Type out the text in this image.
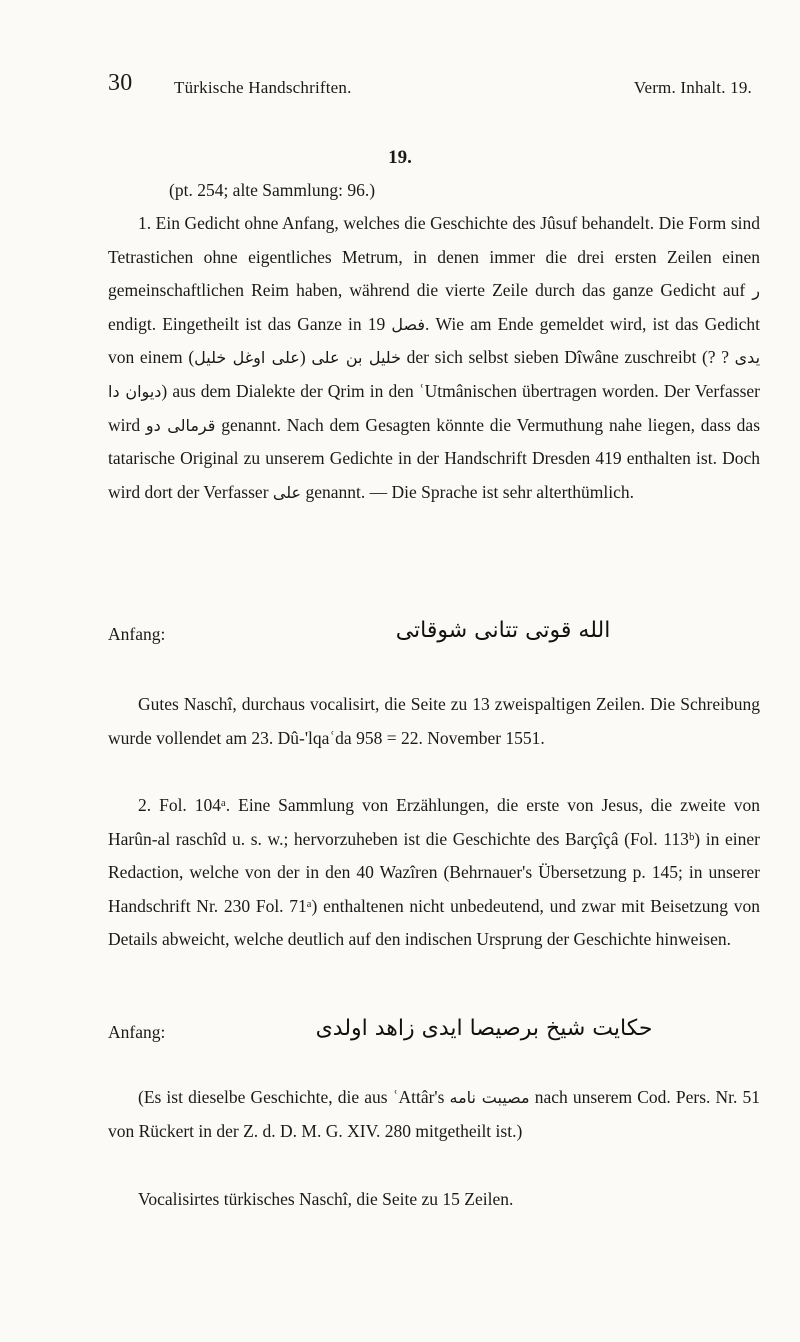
30 Türkische Handschriften.	Verm. Inhalt. 19.
19.
(pt. 254; alte Sammlung: 96.)
1. Ein Gedicht ohne Anfang, welches die Geschichte des Jûsuf behandelt. Die Form sind Tetrastichen ohne eigentliches Metrum, in denen immer die drei ersten Zeilen einen gemeinschaftlichen Reim haben, während die vierte Zeile durch das ganze Gedicht auf ر endigt. Eingetheilt ist das Ganze in 19 فصل. Wie am Ende gemeldet wird, ist das Gedicht von einem	خلیل بن علی (علی اوغل خلیل) der sich selbst sieben Dîwâne zuschreibt (? ? یدی دیوان دا) aus dem Dialekte der Qrim in den ʿUtmânischen übertragen worden. Der Verfasser wird قرمالی دو genannt. Nach dem Gesagten könnte die Vermuthung nahe liegen, dass das tatarische Original zu unserem Gedichte in der Handschrift Dresden 419 enthalten ist. Doch wird dort der Verfasser علی genannt. — Die Sprache ist sehr alterthümlich.
Anfang:	الله قوتی تتانی شوقاتی
Gutes Naschî, durchaus vocalisirt, die Seite zu 13 zweispaltigen Zeilen. Die Schreibung wurde vollendet am 23. Dû-'lqaʿda 958 = 22. November 1551.
2. Fol. 104ᵃ. Eine Sammlung von Erzählungen, die erste von Jesus, die zweite von Harûn-al raschîd u. s. w.; hervorzuheben ist die Geschichte des Barçîçâ (Fol. 113ᵇ) in einer Redaction, welche von der in den 40 Wazîren (Behrnauer's Übersetzung p. 145; in unserer Handschrift Nr. 230 Fol. 71ᵃ) enthaltenen nicht unbedeutend, und zwar mit Beisetzung von Details abweicht, welche deutlich auf den indischen Ursprung der Geschichte hinweisen.
Anfang:	حکایت شیخ برصیصا ایدی زاهد اولدی
(Es ist dieselbe Geschichte, die aus ʿAttâr's مصیبت نامه nach unserem Cod. Pers. Nr. 51 von Rückert in der Z. d. D. M. G. XIV. 280 mitgetheilt ist.)
Vocalisirtes türkisches Naschî, die Seite zu 15 Zeilen.
